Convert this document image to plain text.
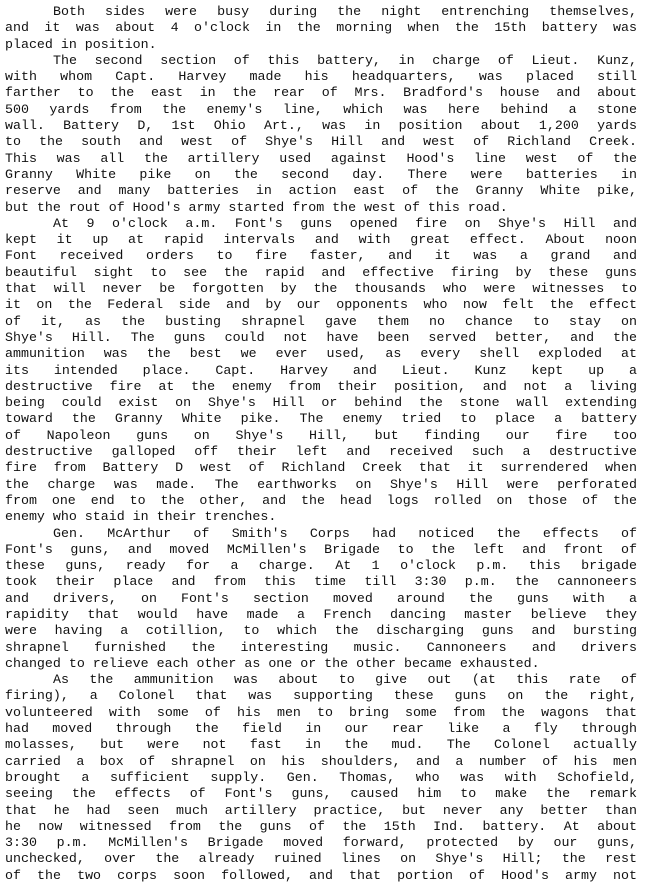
Both sides were busy during the night entrenching themselves,
and it was about 4 o'clock in the morning when the 15th battery was
placed in position.
The second section of this battery, in charge of Lieut. Kunz,
with whom Capt. Harvey made his headquarters, was placed still
farther to the east in the rear of Mrs. Bradford's house and about
500 yards from the enemy's line, which was here behind a stone
wall. Battery D, 1st Ohio Art., was in position about 1,200 yards
to the south and west of Shye's Hill and west of Richland Creek.
This was all the artillery used against Hood's line west of the
Granny White pike on the second day. There were batteries in
reserve and many batteries in action east of the Granny White pike,
but the rout of Hood's army started from the west of this road.
At 9 o'clock a.m. Font's guns opened fire on Shye's Hill and
kept it up at rapid intervals and with great effect. About noon
Font received orders to fire faster, and it was a grand and
beautiful sight to see the rapid and effective firing by these guns
that will never be forgotten by the thousands who were witnesses to
it on the Federal side and by our opponents who now felt the effect
of it, as the busting shrapnel gave them no chance to stay on
Shye's Hill. The guns could not have been served better, and the
ammunition was the best we ever used, as every shell exploded at
its intended place. Capt. Harvey and Lieut. Kunz kept up a
destructive fire at the enemy from their position, and not a living
being could exist on Shye's Hill or behind the stone wall extending
toward the Granny White pike. The enemy tried to place a battery
of Napoleon guns on Shye's Hill, but finding our fire too
destructive galloped off their left and received such a destructive
fire from Battery D west of Richland Creek that it surrendered when
the charge was made. The earthworks on Shye's Hill were perforated
from one end to the other, and the head logs rolled on those of the
enemy who staid in their trenches.
Gen. McArthur of Smith's Corps had noticed the effects of
Font's guns, and moved McMillen's Brigade to the left and front of
these guns, ready for a charge. At 1 o'clock p.m. this brigade
took their place and from this time till 3:30 p.m. the cannoneers
and drivers, on Font's section moved around the guns with a
rapidity that would have made a French dancing master believe they
were having a cotillion, to which the discharging guns and bursting
shrapnel furnished the interesting music. Cannoneers and drivers
changed to relieve each other as one or the other became exhausted.
As the ammunition was about to give out (at this rate of
firing), a Colonel that was supporting these guns on the right,
volunteered with some of his men to bring some from the wagons that
had moved through the field in our rear like a fly through
molasses, but were not fast in the mud. The Colonel actually
carried a box of shrapnel on his shoulders, and a number of his men
brought a sufficient supply. Gen. Thomas, who was with Schofield,
seeing the effects of Font's guns, caused him to make the remark
that he had seen much artillery practice, but never any better than
he now witnessed from the guns of the 15th Ind. battery. At about
3:30 p.m. McMillen's Brigade moved forward, protected by our guns,
unchecked, over the already ruined lines on Shye's Hill; the rest
of the two corps soon followed, and that portion of Hood's army not
